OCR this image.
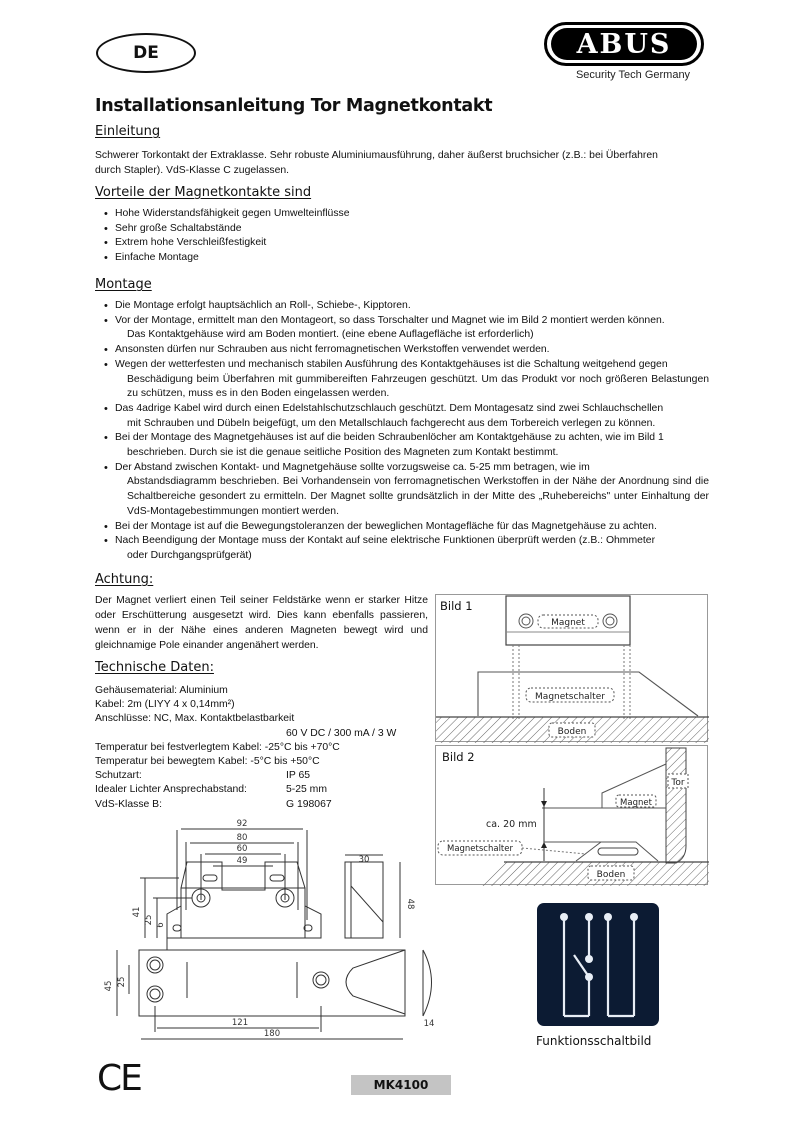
DE	ABUS
Security Tech Germany
Installationsanleitung Tor Magnetkontakt
Einleitung
Schwerer Torkontakt der Extraklasse. Sehr robuste Aluminiumausführung, daher äußerst bruchsicher (z.B.: bei Überfahren
durch Stapler). VdS-Klasse C zugelassen.
Vorteile der Magnetkontakte sind
• Hohe Widerstandsfähigkeit gegen Umwelteinflüsse
• Sehr große Schaltabstände
• Extrem hohe Verschleißfestigkeit
• Einfache Montage
Montage
• Die Montage erfolgt hauptsächlich an Roll-, Schiebe-, Kipptoren.
• Vor der Montage, ermittelt man den Montageort, so dass Torschalter und Magnet wie im Bild 2 montiert werden können.
Das Kontaktgehäuse wird am Boden montiert. (eine ebene Auflagefläche ist erforderlich)
• Ansonsten dürfen nur Schrauben aus nicht ferromagnetischen Werkstoffen verwendet werden.
• Wegen der wetterfesten und mechanisch stabilen Ausführung des Kontaktgehäuses ist die Schaltung weitgehend gegen
Beschädigung beim Überfahren mit gummibereiften Fahrzeugen geschützt. Um das Produkt vor noch größeren Belastungen zu schützen, muss es in den Boden eingelassen werden.
• Das 4adrige Kabel wird durch einen Edelstahlschutzschlauch geschützt. Dem Montagesatz sind zwei Schlauchschellen
mit Schrauben und Dübeln beigefügt, um den Metallschlauch fachgerecht aus dem Torbereich verlegen zu können.
• Bei der Montage des Magnetgehäuses ist auf die beiden Schraubenlöcher am Kontaktgehäuse zu achten, wie im Bild 1
beschrieben. Durch sie ist die genaue seitliche Position des Magneten zum Kontakt bestimmt.
• Der Abstand zwischen Kontakt- und Magnetgehäuse sollte vorzugsweise ca. 5-25 mm betragen, wie im
Abstandsdiagramm beschrieben. Bei Vorhandensein von ferromagnetischen Werkstoffen in der Nähe der Anordnung sind die Schaltbereiche gesondert zu ermitteln. Der Magnet sollte grundsätzlich in der Mitte des „Ruhebereichs" unter Einhaltung der VdS-Montagebestimmungen montiert werden.
• Bei der Montage ist auf die Bewegungstoleranzen der beweglichen Montagefläche für das Magnetgehäuse zu achten.
• Nach Beendigung der Montage muss der Kontakt auf seine elektrische Funktionen überprüft werden (z.B.: Ohmmeter
oder Durchgangsprüfgerät)
Achtung:
Der Magnet verliert einen Teil seiner Feldstärke wenn er starker Hitze oder Erschütterung ausgesetzt wird. Dies kann ebenfalls passieren, wenn er in der Nähe eines anderen Magneten bewegt wird und gleichnamige Pole einander angenähert werden.
Technische Daten:
Gehäusematerial: Aluminium
Kabel: 2m (LIYY 4 x 0,14mm²)
Anschlüsse: NC, Max. Kontaktbelastbarkeit
60 V DC / 300 mA / 3 W
Temperatur bei festverlegtem Kabel: -25°C bis +70°C
Temperatur bei bewegtem Kabel: -5°C bis +50°C
Schutzart:	IP 65
Idealer Lichter Ansprechabstand:	5-25 mm
VdS-Klasse B:	G 198067
Magnet
Magnetschalter
Boden
Bild 1
Tor
Magnet
ca. 20 mm
Magnetschalter
Boden
Bild 2
92
80
60
49
41
25 6
30
48
45 25
121
180
14
Funktionsschaltbild
CE	MK4100
